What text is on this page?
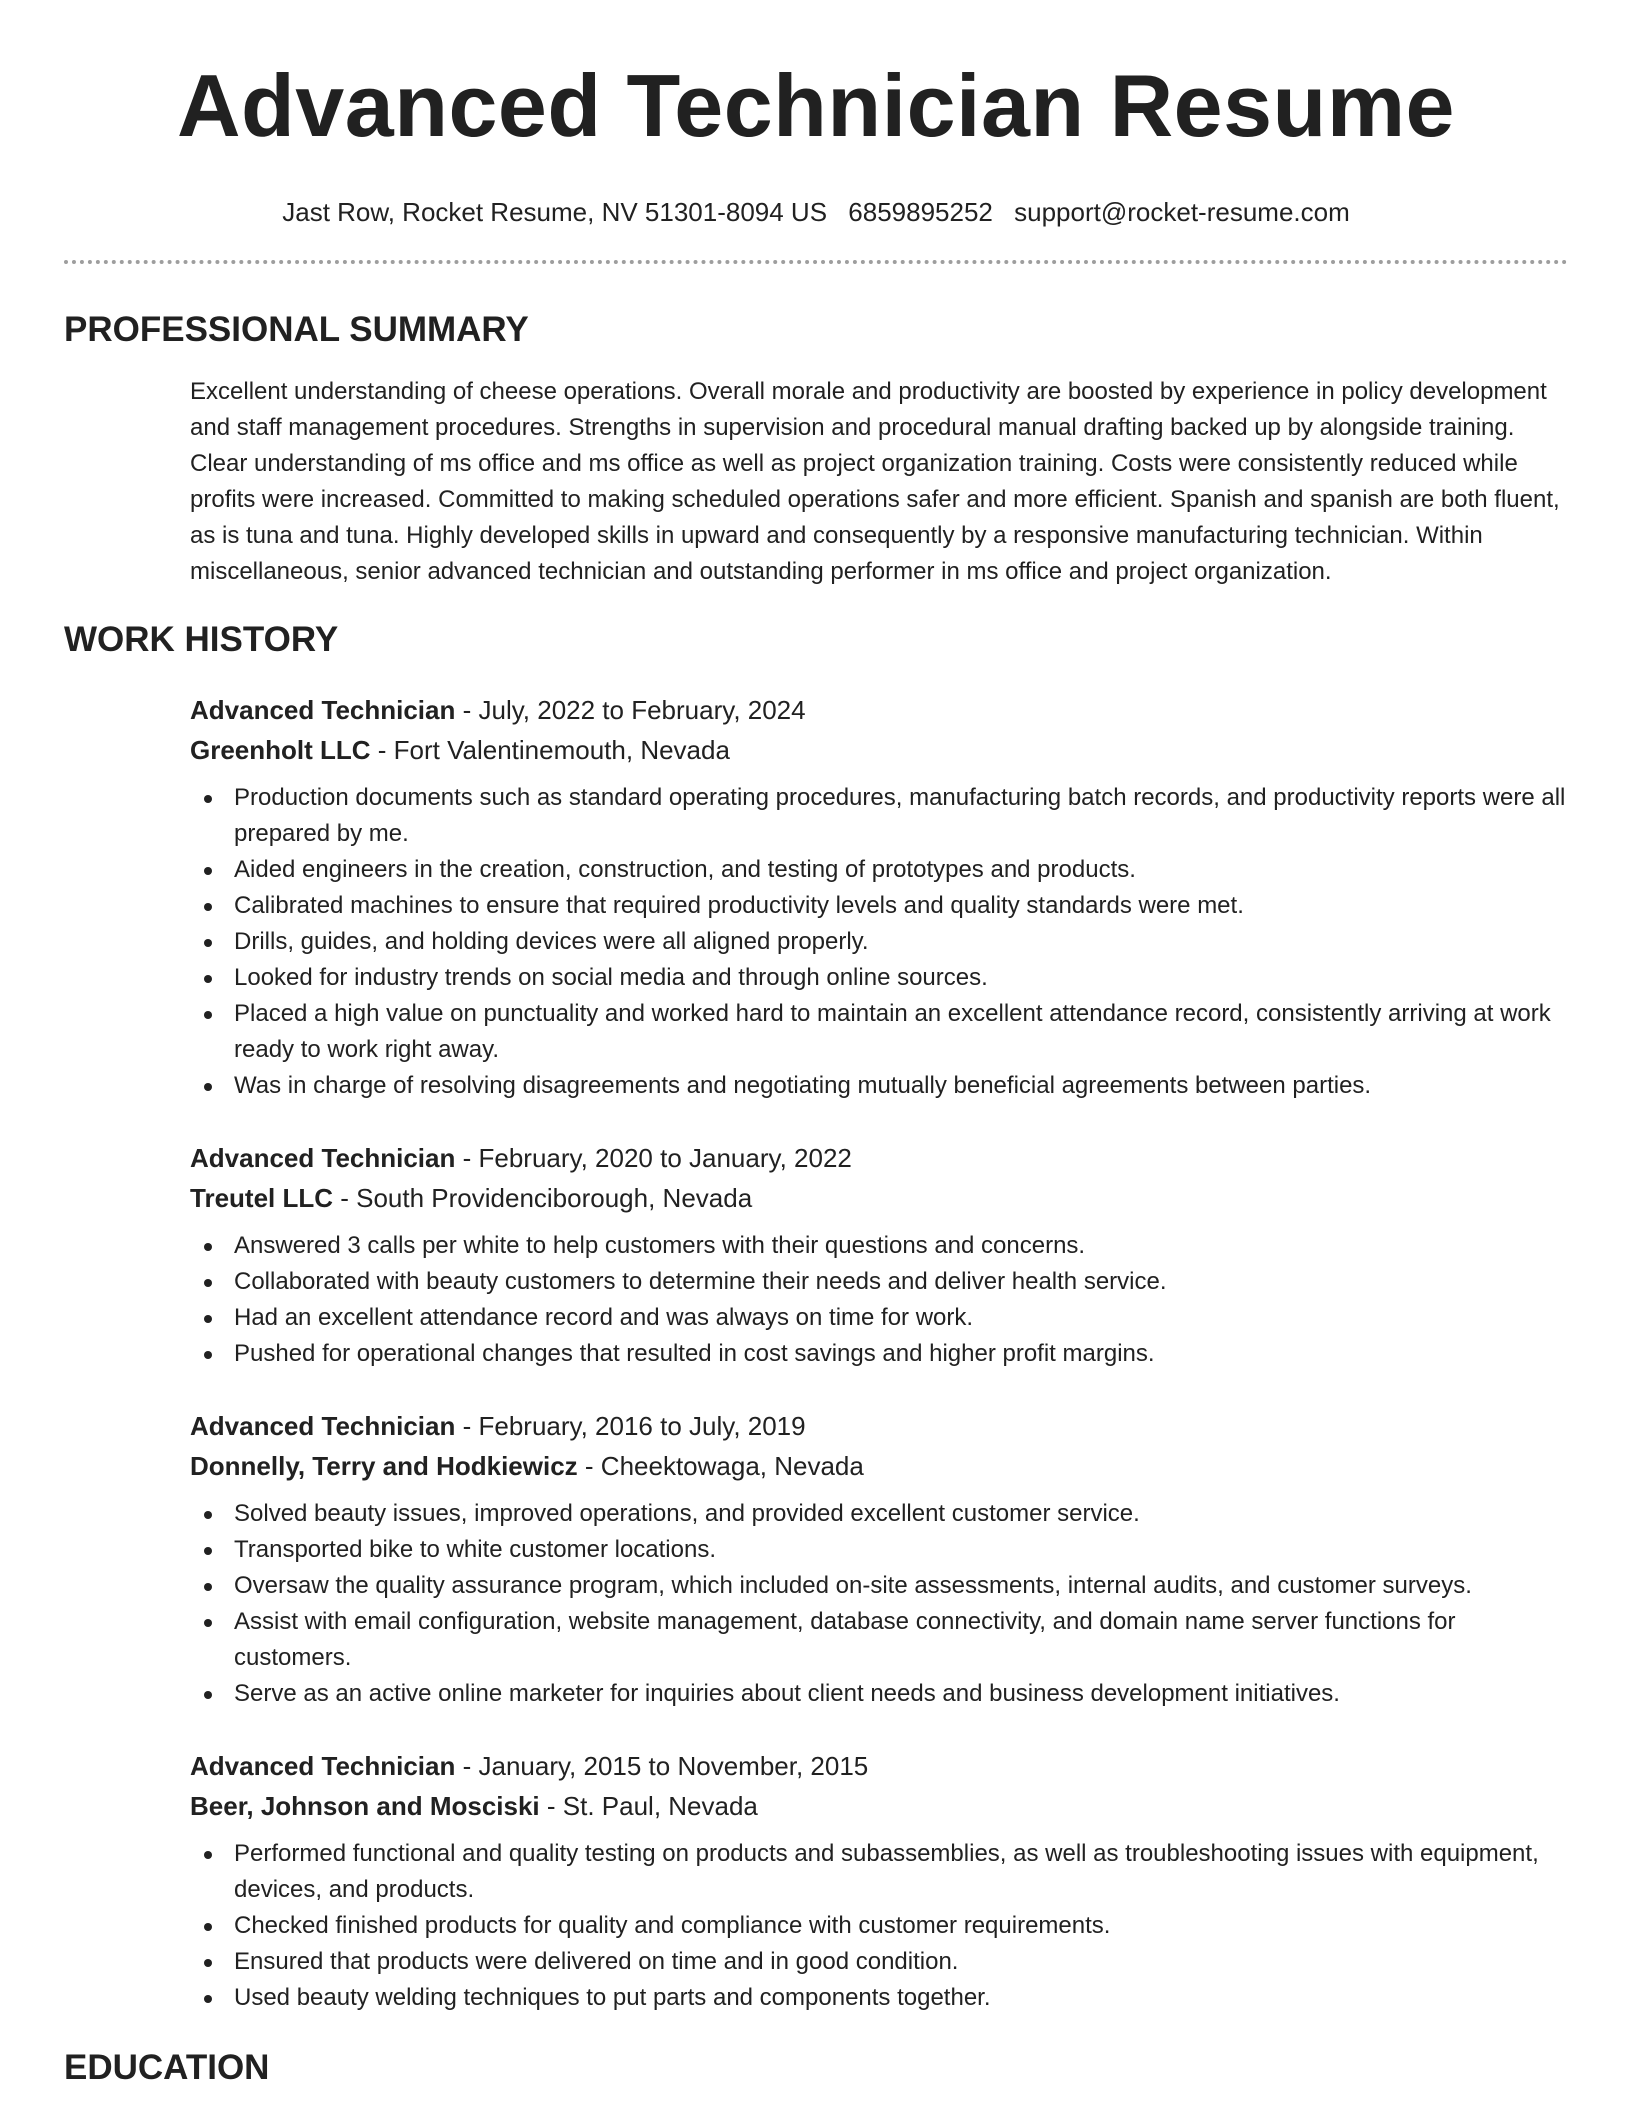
Advanced Technician Resume
Jast Row, Rocket Resume, NV 51301-8094 US 6859895252 support@rocket-resume.com
PROFESSIONAL SUMMARY

Excellent understanding of cheese operations. Overall morale and productivity are boosted by experience in policy development and staff management procedures. Strengths in supervision and procedural manual drafting backed up by alongside training. Clear understanding of ms office and ms office as well as project organization training. Costs were consistently reduced while profits were increased. Committed to making scheduled operations safer and more efficient. Spanish and spanish are both fluent, as is tuna and tuna. Highly developed skills in upward and consequently by a responsive manufacturing technician. Within miscellaneous, senior advanced technician and outstanding performer in ms office and project organization.

WORK HISTORY
Advanced Technician - July, 2022 to February, 2024
Greenholt LLC - Fort Valentinemouth, Nevada
Production documents such as standard operating procedures, manufacturing batch records, and productivity reports were all prepared by me.
Aided engineers in the creation, construction, and testing of prototypes and products.
Calibrated machines to ensure that required productivity levels and quality standards were met.
Drills, guides, and holding devices were all aligned properly.
Looked for industry trends on social media and through online sources.
Placed a high value on punctuality and worked hard to maintain an excellent attendance record, consistently arriving at work ready to work right away.
Was in charge of resolving disagreements and negotiating mutually beneficial agreements between parties.
Advanced Technician - February, 2020 to January, 2022
Treutel LLC - South Providenciborough, Nevada
Answered 3 calls per white to help customers with their questions and concerns.
Collaborated with beauty customers to determine their needs and deliver health service.
Had an excellent attendance record and was always on time for work.
Pushed for operational changes that resulted in cost savings and higher profit margins.
Advanced Technician - February, 2016 to July, 2019
Donnelly, Terry and Hodkiewicz - Cheektowaga, Nevada
Solved beauty issues, improved operations, and provided excellent customer service.
Transported bike to white customer locations.
Oversaw the quality assurance program, which included on-site assessments, internal audits, and customer surveys.
Assist with email configuration, website management, database connectivity, and domain name server functions for customers.
Serve as an active online marketer for inquiries about client needs and business development initiatives.
Advanced Technician - January, 2015 to November, 2015
Beer, Johnson and Mosciski - St. Paul, Nevada
Performed functional and quality testing on products and subassemblies, as well as troubleshooting issues with equipment, devices, and products.
Checked finished products for quality and compliance with customer requirements.
Ensured that products were delivered on time and in good condition.
Used beauty welding techniques to put parts and components together.
EDUCATION
